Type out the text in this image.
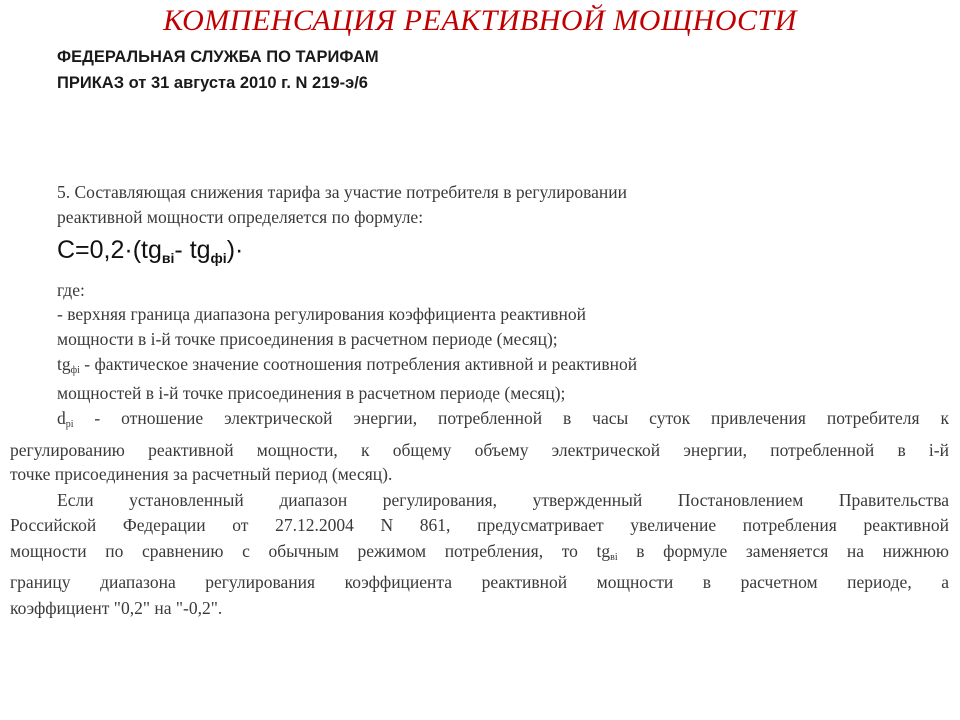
КОМПЕНСАЦИЯ РЕАКТИВНОЙ МОЩНОСТИ
ФЕДЕРАЛЬНАЯ СЛУЖБА ПО ТАРИФАМ
ПРИКАЗ от 31 августа 2010 г. N 219-э/6
5. Составляющая снижения тарифа за участие потребителя в регулировании
реактивной мощности определяется по формуле:
$С=0,2\cdot(tg_{вi}-$ $tg_{фi})\cdot$
где:
- верхняя граница диапазона регулирования коэффициента реактивной
мощности в i-й точке присоединения в расчетном периоде (месяц);
$tg_{фi}$ - фактическое значение соотношения потребления активной и реактивной
мощностей в i-й точке присоединения в расчетном периоде (месяц);
$d_{pi}$ - отношение электрической энергии, потребленной в часы суток привлечения потребителя к
регулированию реактивной мощности, к общему объему электрической энергии, потребленной в i-й
точке присоединения за расчетный период (месяц).
Если установленный диапазон регулирования, утвержденный Постановлением Правительства
Российской Федерации от 27.12.2004 N 861, предусматривает увеличение потребления реактивной
мощности по сравнению с обычным режимом потребления, то $tg_{вi}$ в формуле заменяется на нижнюю
границу диапазона регулирования коэффициента реактивной мощности в расчетном периоде, а
коэффициент "0,2" на "-0,2".
